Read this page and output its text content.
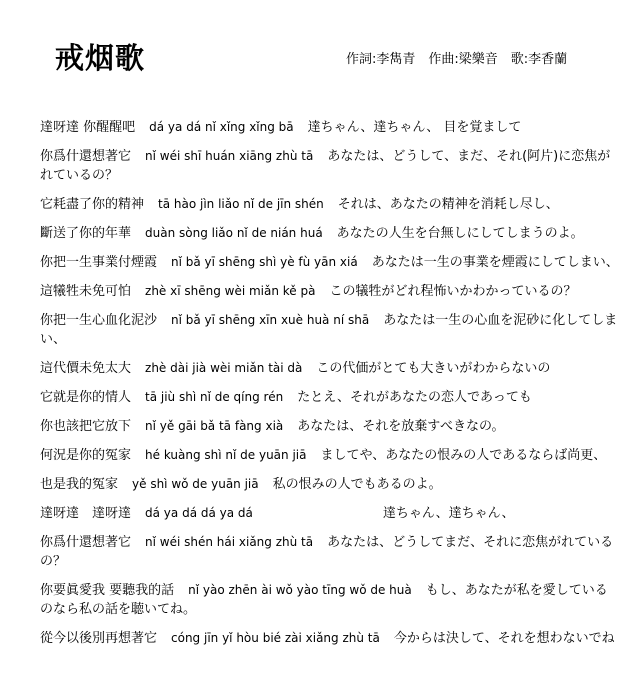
戒烟歌	作詞:李雋青　作曲:梁樂音　歌:李香蘭

達呀達 你醒醒吧 dá ya dá nǐ xǐng xǐng bā 達ちゃん、達ちゃん、 目を覚まして

你爲什還想著它 nǐ wéi shī huán xiāng zhù tā あなたは、どうして、まだ、それ(阿片)に恋焦がれているの？

它耗盡了你的精神 tā hào jìn liǎo nǐ de jīn shén それは、あなたの精神を消耗し尽し、

斷送了你的年華 duàn sòng liǎo nǐ de nián huá あなたの人生を台無しにしてしまうのよ。

你把一生事業付煙霞 nǐ bǎ yī shēng shì yè fù yān xiá あなたは一生の事業を煙霞にしてしまい、

這犧牲未免可怕 zhè xī shēng wèi miǎn kě pà この犠牲がどれ程怖いかわかっているの？

你把一生心血化泥沙 nǐ bǎ yī shēng xīn xuè huà ní shā あなたは一生の心血を泥砂に化してしまい、

這代價未免太大 zhè dài jià wèi miǎn tài dà この代価がとても大きいがわからないの

它就是你的情人 tā jiù shì nǐ de qíng rén たとえ、それがあなたの恋人であっても

你也該把它放下 nǐ yě gāi bǎ tā fàng xià あなたは、それを放棄すべきなの。

何況是你的冤家 hé kuàng shì nǐ de yuān jiā ましてや、あなたの恨みの人であるならば尚更、

也是我的冤家 yě shì wǒ de yuān jiā 私の恨みの人でもあるのよ。

達呀達　達呀達 dá ya dá dá ya dá	達ちゃん、達ちゃん、

你爲什還想著它 nǐ wéi shén hái xiǎng zhù tā あなたは、どうしてまだ、それに恋焦がれているの？

你要眞愛我 要聽我的話 nǐ yào zhēn ài wǒ yào tīng wǒ de huà もし、あなたが私を愛しているのなら私の話を聴いてね。

從今以後別再想著它 cóng jīn yǐ hòu bié zài xiǎng zhù tā 今からは決して、それを想わないでね
